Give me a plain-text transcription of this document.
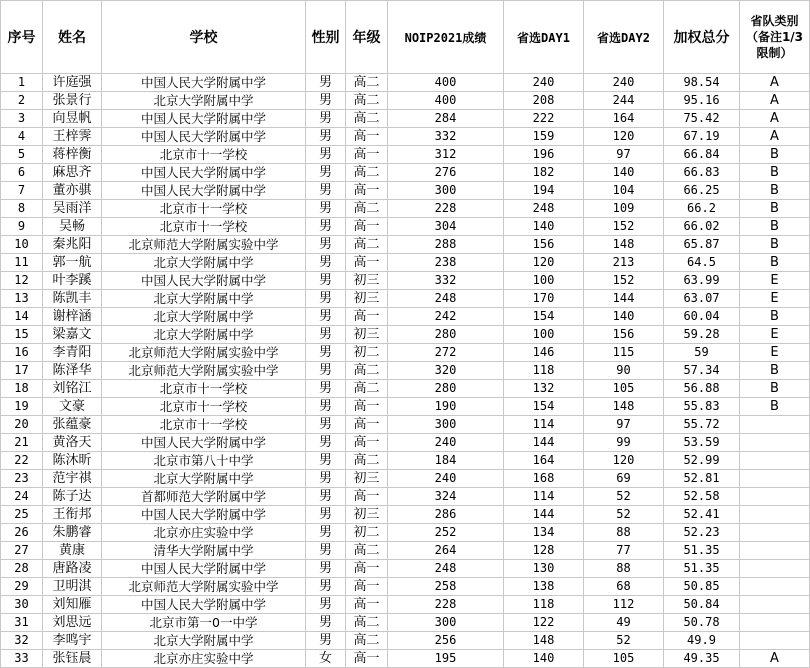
序号	姓名	学校	性别	年级	NOIP2021成绩	省选DAY1	省选DAY2	加权总分	省队类别（备注1/3限制）
1	许庭强	中国人民大学附属中学	男	高二	400	240	240	98.54	A
2	张景行	北京大学附属中学	男	高二	400	208	244	95.16	A
3	向昱帆	中国人民大学附属中学	男	高二	284	222	164	75.42	A
4	王梓霁	中国人民大学附属中学	男	高一	332	159	120	67.19	A
5	蒋梓衡	北京市十一学校	男	高一	312	196	97	66.84	B
6	麻思齐	中国人民大学附属中学	男	高二	276	182	140	66.83	B
7	董亦骐	中国人民大学附属中学	男	高一	300	194	104	66.25	B
8	吴雨洋	北京市十一学校	男	高二	228	248	109	66.2	B
9	吴畅	北京市十一学校	男	高一	304	140	152	66.02	B
10	秦兆阳	北京师范大学附属实验中学	男	高二	288	156	148	65.87	B
11	郭一航	北京大学附属中学	男	高一	238	120	213	64.5	B
12	叶李蹊	中国人民大学附属中学	男	初三	332	100	152	63.99	E
13	陈凯丰	北京大学附属中学	男	初三	248	170	144	63.07	E
14	谢梓涵	北京大学附属中学	男	高一	242	154	140	60.04	B
15	梁嘉文	北京大学附属中学	男	初三	280	100	156	59.28	E
16	李青阳	北京师范大学附属实验中学	男	初二	272	146	115	59	E
17	陈泽华	北京师范大学附属实验中学	男	高二	320	118	90	57.34	B
18	刘铭江	北京市十一学校	男	高二	280	132	105	56.88	B
19	文豪	北京市十一学校	男	高一	190	154	148	55.83	B
20	张蕴豪	北京市十一学校	男	高一	300	114	97	55.72	
21	黄洛天	中国人民大学附属中学	男	高一	240	144	99	53.59	
22	陈沐昕	北京市第八十中学	男	高二	184	164	120	52.99	
23	范宇祺	北京大学附属中学	男	初三	240	168	69	52.81	
24	陈子达	首都师范大学附属中学	男	高一	324	114	52	52.58	
25	王衔邦	中国人民大学附属中学	男	初三	286	144	52	52.41	
26	朱鹏睿	北京亦庄实验中学	男	初二	252	134	88	52.23	
27	黄康	清华大学附属中学	男	高二	264	128	77	51.35	
28	唐路凌	中国人民大学附属中学	男	高一	248	130	88	51.35	
29	卫明淇	北京师范大学附属实验中学	男	高一	258	138	68	50.85	
30	刘知雁	中国人民大学附属中学	男	高一	228	118	112	50.84	
31	刘思远	北京市第一0一中学	男	高二	300	122	49	50.78	
32	李鸣宇	北京大学附属中学	男	高二	256	148	52	49.9	
33	张钰晨	北京亦庄实验中学	女	高一	195	140	105	49.35	A
